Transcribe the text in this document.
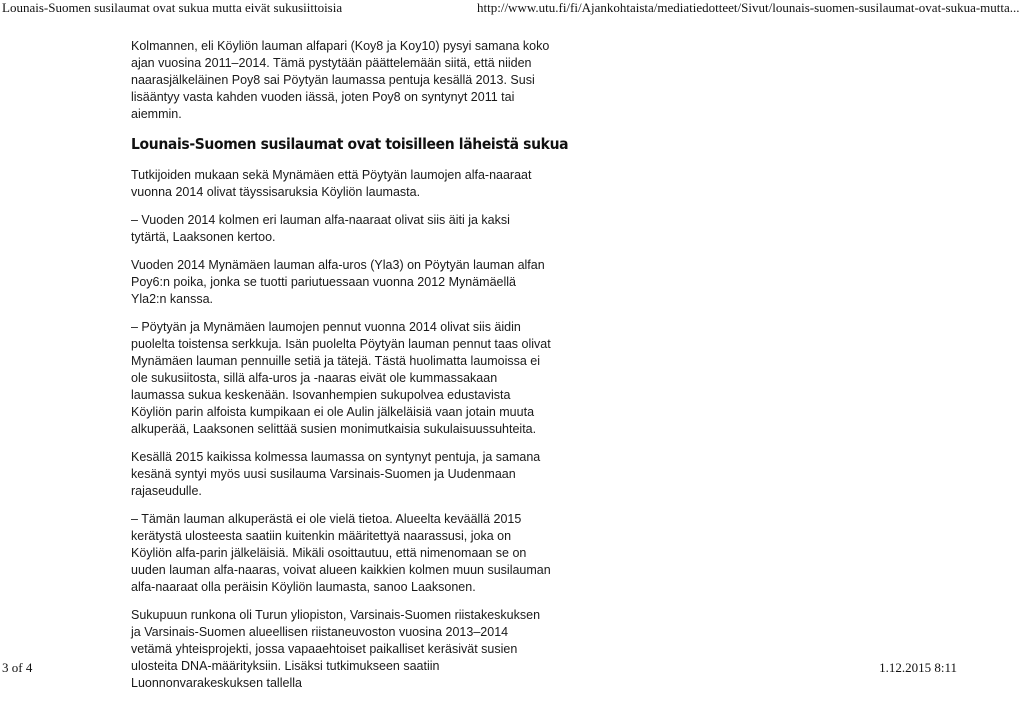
Lounais-Suomen susilaumat ovat sukua mutta eivät sukusiittoisia	http://www.utu.fi/fi/Ajankohtaista/mediatiedotteet/Sivut/lounais-suomen-susilaumat-ovat-sukua-mutta...

Kolmannen, eli Köyliön lauman alfapari (Koy8 ja Koy10) pysyi samana koko ajan vuosina 2011–2014. Tämä pystytään päättelemään siitä, että niiden naarasjälkeläinen Poy8 sai Pöytyän laumassa pentuja kesällä 2013. Susi lisääntyy vasta kahden vuoden iässä, joten Poy8 on syntynyt 2011 tai aiemmin.

Lounais-Suomen susilaumat ovat toisilleen läheistä sukua

Tutkijoiden mukaan sekä Mynämäen että Pöytyän laumojen alfa-naaraat vuonna 2014 olivat täyssisaruksia Köyliön laumasta.

– Vuoden 2014 kolmen eri lauman alfa-naaraat olivat siis äiti ja kaksi tytärtä, Laaksonen kertoo.

Vuoden 2014 Mynämäen lauman alfa-uros (Yla3) on Pöytyän lauman alfan Poy6:n poika, jonka se tuotti pariutuessaan vuonna 2012 Mynämäellä Yla2:n kanssa.

– Pöytyän ja Mynämäen laumojen pennut vuonna 2014 olivat siis äidin puolelta toistensa serkkuja. Isän puolelta Pöytyän lauman pennut taas olivat Mynämäen lauman pennuille setiä ja tätejä. Tästä huolimatta laumoissa ei ole sukusiitosta, sillä alfa-uros ja -naaras eivät ole kummassakaan laumassa sukua keskenään. Isovanhempien sukupolvea edustavista Köyliön parin alfoista kumpikaan ei ole Aulin jälkeläisiä vaan jotain muuta alkuperää, Laaksonen selittää susien monimutkaisia sukulaisuussuhteita.

Kesällä 2015 kaikissa kolmessa laumassa on syntynyt pentuja, ja samana kesänä syntyi myös uusi susilauma Varsinais-Suomen ja Uudenmaan rajaseudulle.

– Tämän lauman alkuperästä ei ole vielä tietoa. Alueelta keväällä 2015 kerätystä ulosteesta saatiin kuitenkin määritettyä naarassusi, joka on Köyliön alfa-parin jälkeläisiä. Mikäli osoittautuu, että nimenomaan se on uuden lauman alfa-naaras, voivat alueen kaikkien kolmen muun susilauman alfa-naaraat olla peräisin Köyliön laumasta, sanoo Laaksonen.

Sukupuun runkona oli Turun yliopiston, Varsinais-Suomen riistakeskuksen ja Varsinais-Suomen alueellisen riistaneuvoston vuosina 2013–2014 vetämä yhteisprojekti, jossa vapaaehtoiset paikalliset keräsivät susien ulosteita DNA-määrityksiin. Lisäksi tutkimukseen saatiin Luonnonvarakeskuksen tallella

3 of 4	1.12.2015 8:11
